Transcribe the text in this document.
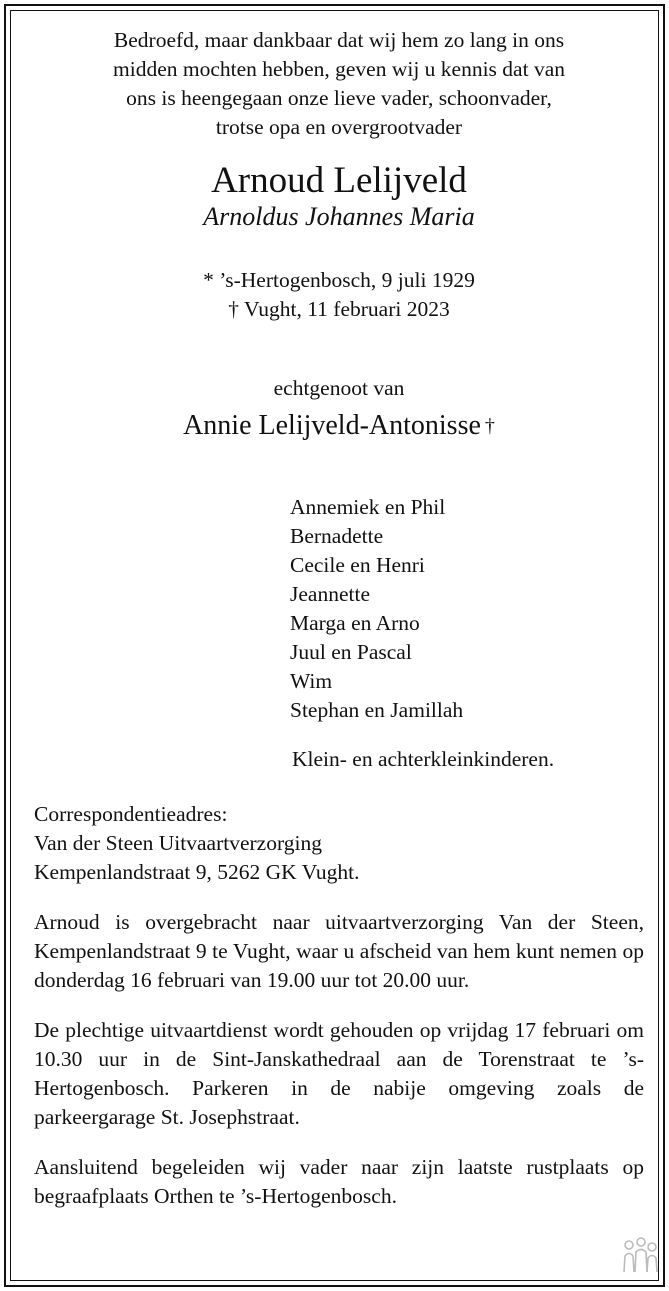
Bedroefd, maar dankbaar dat wij hem zo lang in ons
midden mochten hebben, geven wij u kennis dat van
ons is heengegaan onze lieve vader, schoonvader,
trotse opa en overgrootvader

Arnoud Lelijveld

Arnoldus Johannes Maria

* ’s-Hertogenbosch, 9 juli 1929
† Vught, 11 februari 2023

echtgenoot van

Annie Lelijveld-Antonisse †

Annemiek en Phil
Bernadette
Cecile en Henri
Jeannette
Marga en Arno
Juul en Pascal
Wim
Stephan en Jamillah

Klein- en achterkleinkinderen.

Correspondentieadres:
Van der Steen Uitvaartverzorging
Kempenlandstraat 9, 5262 GK Vught.

Arnoud is overgebracht naar uitvaartverzorging Van der Steen, Kempenlandstraat 9 te Vught, waar u afscheid van hem kunt nemen op donderdag 16 februari van 19.00 uur tot 20.00 uur.

De plechtige uitvaartdienst wordt gehouden op vrijdag 17 februari om 10.30 uur in de Sint-Janskathedraal aan de Torenstraat te ’s-Hertogenbosch. Parkeren in de nabije omgeving zoals de parkeergarage St. Josephstraat.

Aansluitend begeleiden wij vader naar zijn laatste rustplaats op begraafplaats Orthen te ’s-Hertogenbosch.
